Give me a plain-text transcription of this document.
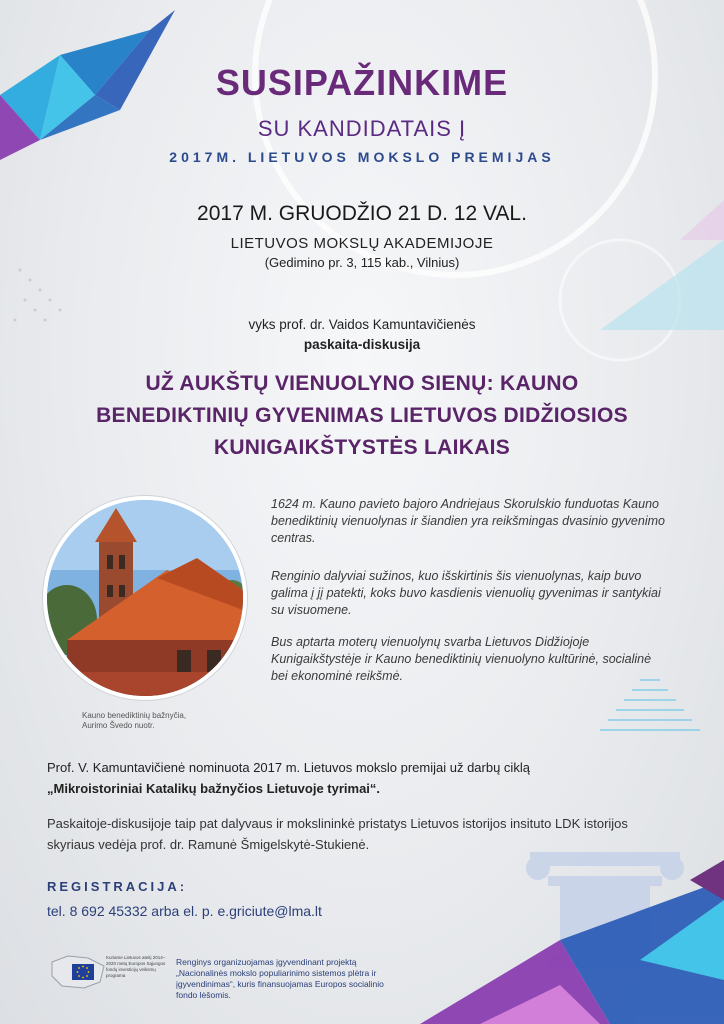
SUSIPAŽINKIME
SU KANDIDATAIS Į
2017M. LIETUVOS MOKSLO PREMIJAS
2017 M. GRUODŽIO 21 D. 12 VAL.
LIETUVOS MOKSLŲ AKADEMIJOJE
(Gedimino pr. 3, 115 kab., Vilnius)
vyks prof. dr. Vaidos Kamuntavičienės
paskaita-diskusija
UŽ AUKŠTŲ VIENUOLYNO SIENŲ: KAUNO
BENEDIKTINIŲ GYVENIMAS LIETUVOS DIDŽIOSIOS
KUNIGAIKŠTYSTĖS LAIKAIS
Kauno benediktinių bažnyčia,
Aurimo Švedo nuotr.

1624 m. Kauno pavieto bajoro Andriejaus Skorulskio funduotas Kauno benediktinių vienuolynas ir šiandien yra reikšmingas dvasinio gyvenimo centras.

Renginio dalyviai sužinos, kuo išskirtinis šis vienuolynas, kaip buvo galima į jį patekti, koks buvo kasdienis vienuolių gyvenimas ir santykiai su visuomene.

Bus aptarta moterų vienuolynų svarba Lietuvos Didžiojoje Kunigaikštystėje ir Kauno benediktinių vienuolyno kultūrinė, socialinė bei ekonominė reikšmė.

Prof. V. Kamuntavičienė nominuota 2017 m. Lietuvos mokslo premijai už darbų ciklą
„Mikroistoriniai Katalikų bažnyčios Lietuvoje tyrimai“.
Paskaitoje-diskusijoje taip pat dalyvaus ir mokslininkė pristatys Lietuvos istorijos insituto LDK istorijos skyriaus vedėja prof. dr. Ramunė Šmigelskytė-Stukienė.
REGISTRACIJA:
tel. 8 692 45332 arba el. p. e.griciute@lma.lt
Kuriame Lietuvos ateitį 2014–2020 metų Europos Sąjungos fondų investicijų veiksmų programa
Renginys organizuojamas įgyvendinant projektą „Nacionalinės mokslo populiarinimo sistemos plėtra ir įgyvendinimas“, kuris finansuojamas Europos socialinio fondo lėšomis.
